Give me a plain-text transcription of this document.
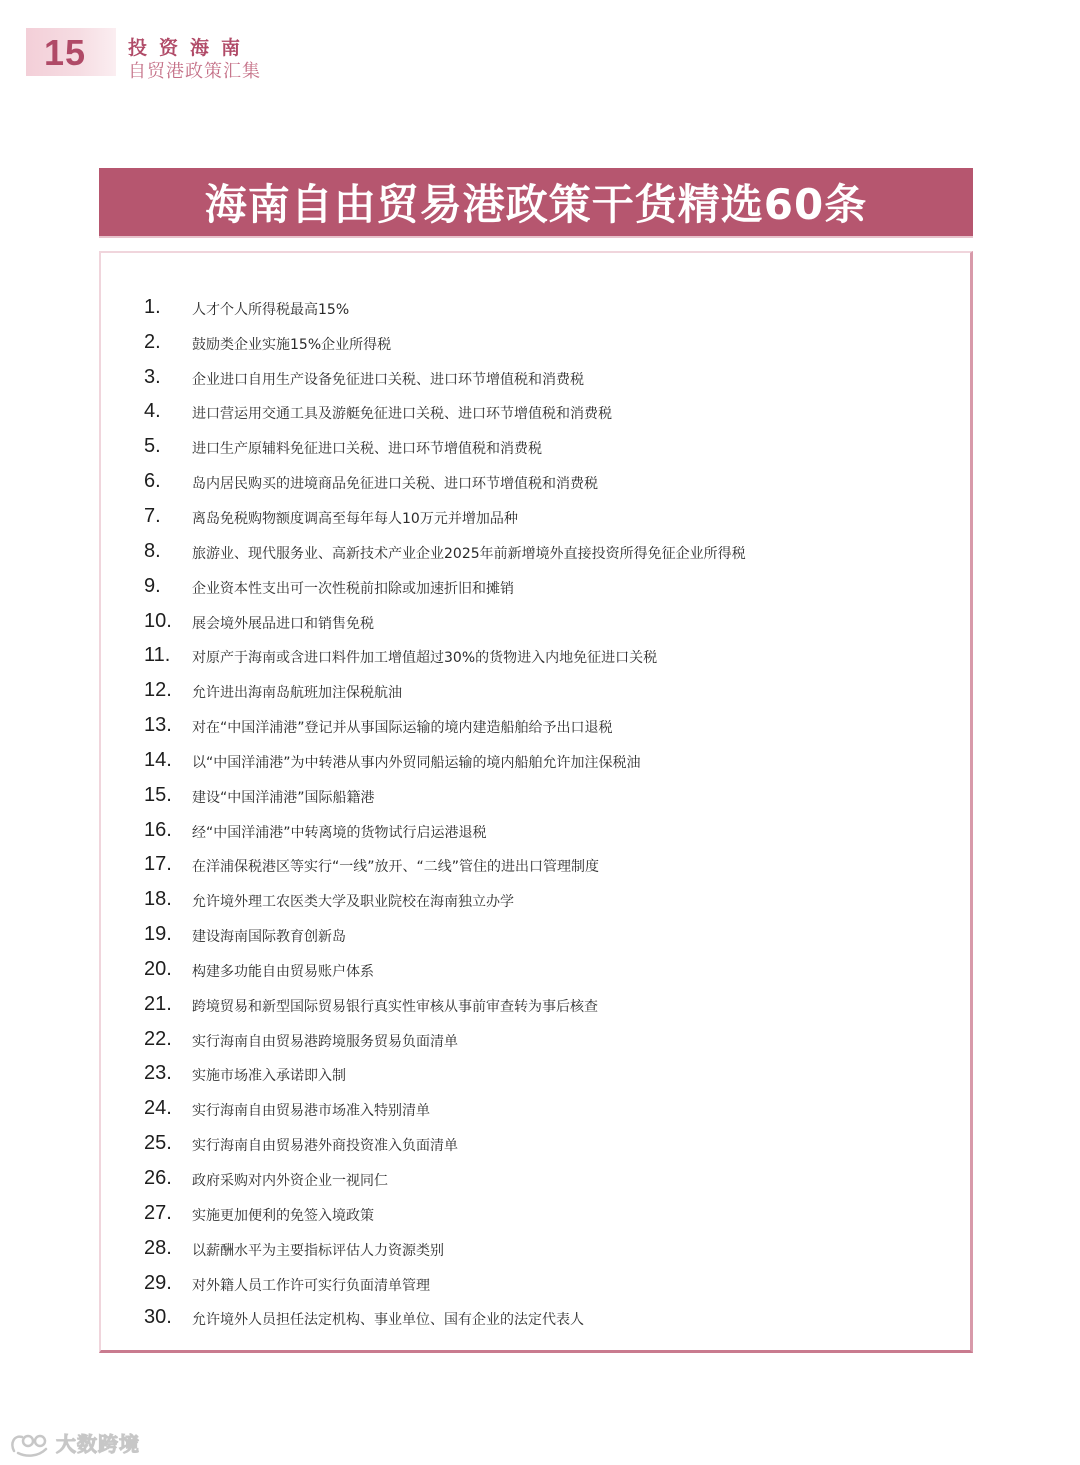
15 投资海南
自贸港政策汇集
海南自由贸易港政策干货精选60条
1.	人才个人所得税最高15%
2.	鼓励类企业实施15%企业所得税
3.	企业进口自用生产设备免征进口关税、进口环节增值税和消费税
4.	进口营运用交通工具及游艇免征进口关税、进口环节增值税和消费税
5.	进口生产原辅料免征进口关税、进口环节增值税和消费税
6.	岛内居民购买的进境商品免征进口关税、进口环节增值税和消费税
7.	离岛免税购物额度调高至每年每人10万元并增加品种
8.	旅游业、现代服务业、高新技术产业企业2025年前新增境外直接投资所得免征企业所得税
9.	企业资本性支出可一次性税前扣除或加速折旧和摊销
10.	展会境外展品进口和销售免税
11.	对原产于海南或含进口料件加工增值超过30%的货物进入内地免征进口关税
12.	允许进出海南岛航班加注保税航油
13.	对在“中国洋浦港”登记并从事国际运输的境内建造船舶给予出口退税
14.	以“中国洋浦港”为中转港从事内外贸同船运输的境内船舶允许加注保税油
15.	建设“中国洋浦港”国际船籍港
16.	经“中国洋浦港”中转离境的货物试行启运港退税
17.	在洋浦保税港区等实行“一线”放开、“二线”管住的进出口管理制度
18.	允许境外理工农医类大学及职业院校在海南独立办学
19.	建设海南国际教育创新岛
20.	构建多功能自由贸易账户体系
21.	跨境贸易和新型国际贸易银行真实性审核从事前审查转为事后核查
22.	实行海南自由贸易港跨境服务贸易负面清单
23.	实施市场准入承诺即入制
24.	实行海南自由贸易港市场准入特别清单
25.	实行海南自由贸易港外商投资准入负面清单
26.	政府采购对内外资企业一视同仁
27.	实施更加便利的免签入境政策
28.	以薪酬水平为主要指标评估人力资源类别
29.	对外籍人员工作许可实行负面清单管理
30.	允许境外人员担任法定机构、事业单位、国有企业的法定代表人
大数跨境
